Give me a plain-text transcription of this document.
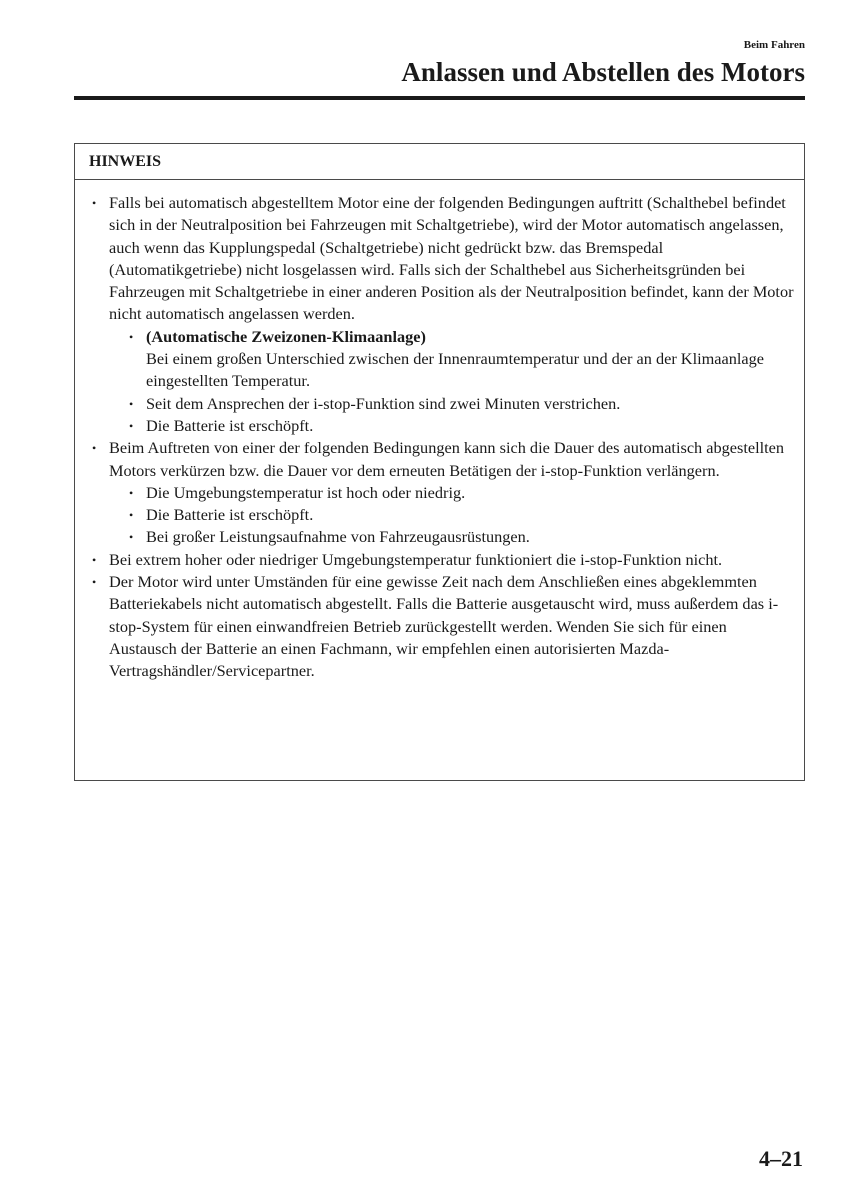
Beim Fahren
Anlassen und Abstellen des Motors
HINWEIS
• Falls bei automatisch abgestelltem Motor eine der folgenden Bedingungen auftritt (Schalthebel befindet sich in der Neutralposition bei Fahrzeugen mit Schaltgetriebe), wird der Motor automatisch angelassen, auch wenn das Kupplungspedal (Schaltgetriebe) nicht gedrückt bzw. das Bremspedal (Automatikgetriebe) nicht losgelassen wird. Falls sich der Schalthebel aus Sicherheitsgründen bei Fahrzeugen mit Schaltgetriebe in einer anderen Position als der Neutralposition befindet, kann der Motor nicht automatisch angelassen werden.
• (Automatische Zweizonen-Klimaanlage)
Bei einem großen Unterschied zwischen der Innenraumtemperatur und der an der Klimaanlage eingestellten Temperatur.
• Seit dem Ansprechen der i-stop-Funktion sind zwei Minuten verstrichen.
• Die Batterie ist erschöpft.
• Beim Auftreten von einer der folgenden Bedingungen kann sich die Dauer des automatisch abgestellten Motors verkürzen bzw. die Dauer vor dem erneuten Betätigen der i-stop-Funktion verlängern.
• Die Umgebungstemperatur ist hoch oder niedrig.
• Die Batterie ist erschöpft.
• Bei großer Leistungsaufnahme von Fahrzeugausrüstungen.
• Bei extrem hoher oder niedriger Umgebungstemperatur funktioniert die i-stop-Funktion nicht.
• Der Motor wird unter Umständen für eine gewisse Zeit nach dem Anschließen eines abgeklemmten Batteriekabels nicht automatisch abgestellt. Falls die Batterie ausgetauscht wird, muss außerdem das i-stop-System für einen einwandfreien Betrieb zurückgestellt werden. Wenden Sie sich für einen Austausch der Batterie an einen Fachmann, wir empfehlen einen autorisierten Mazda-Vertragshändler/Servicepartner.
4–21
